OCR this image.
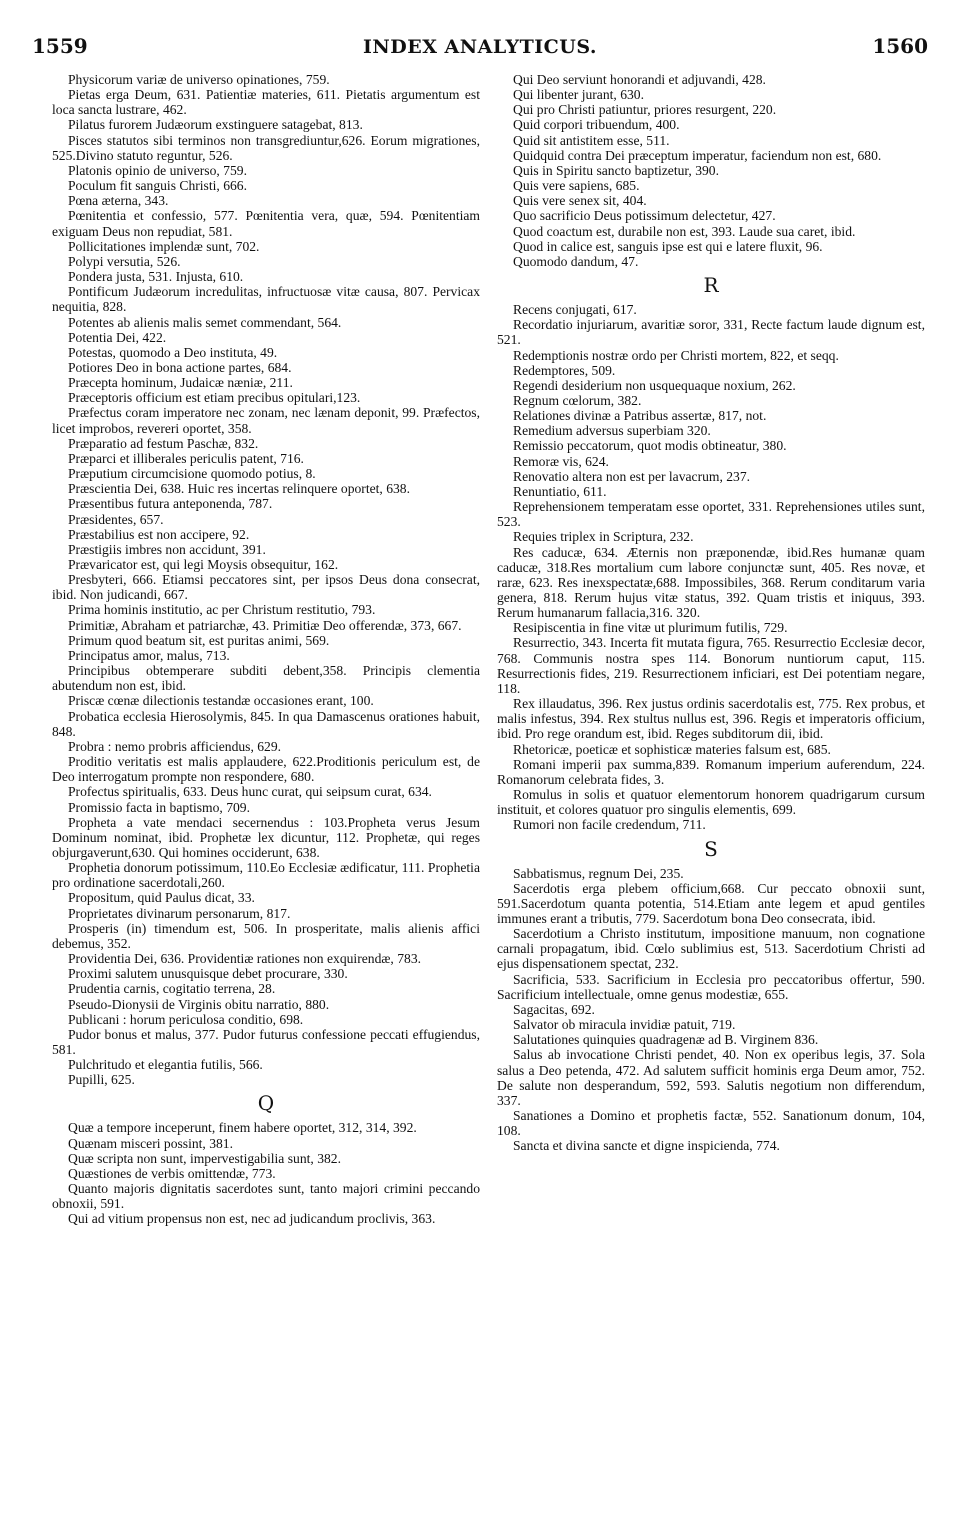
1559	INDEX ANALYTICUS.	1560

Physicorum variæ de universo opinationes, 759.

Pietas erga Deum, 631. Patientiæ materies, 611. Pietatis argumentum est loca sancta lustrare, 462.

Pilatus furorem Judæorum exstinguere satagebat, 813.

Pisces statutos sibi terminos non transgrediuntur,626. Eorum migrationes, 525.Divino statuto reguntur, 526.

Platonis opinio de universo, 759.

Poculum fit sanguis Christi, 666.

Pœna æterna, 343.

Pœnitentia et confessio, 577. Pœnitentia vera, quæ, 594. Pœnitentiam exiguam Deus non repudiat, 581.

Pollicitationes implendæ sunt, 702.

Polypi versutia, 526.

Pondera justa, 531. Injusta, 610.

Pontificum Judæorum incredulitas, infructuosæ vitæ causa, 807. Pervicax nequitia, 828.

Potentes ab alienis malis semet commendant, 564.

Potentia Dei, 422.

Potestas, quomodo a Deo instituta, 49.

Potiores Deo in bona actione partes, 684.

Præcepta hominum, Judaicæ næniæ, 211.

Præceptoris officium est etiam precibus opitulari,123.

Præfectus coram imperatore nec zonam, nec lænam deponit, 99. Præfectos, licet improbos, revereri oportet, 358.

Præparatio ad festum Paschæ, 832.

Præparci et illiberales periculis patent, 716.

Præputium circumcisione quomodo potius, 8.

Præscientia Dei, 638. Huic res incertas relinquere oportet, 638.

Præsentibus futura anteponenda, 787.

Præsidentes, 657.

Præstabilius est non accipere, 92.

Præstigiis imbres non accidunt, 391.

Prævaricator est, qui legi Moysis obsequitur, 162.

Presbyteri, 666. Etiamsi peccatores sint, per ipsos Deus dona consecrat, ibid. Non judicandi, 667.

Prima hominis institutio, ac per Christum restitutio, 793.

Primitiæ, Abraham et patriarchæ, 43. Primitiæ Deo offerendæ, 373, 667.

Primum quod beatum sit, est puritas animi, 569.

Principatus amor, malus, 713.

Principibus obtemperare subditi debent,358. Principis clementia abutendum non est, ibid.

Priscæ cœnæ dilectionis testandæ occasiones erant, 100.

Probatica ecclesia Hierosolymis, 845. In qua Damascenus orationes habuit, 848.

Probra : nemo probris afficiendus, 629.

Proditio veritatis est malis applaudere, 622.Proditionis periculum est, de Deo interrogatum prompte non respondere, 680.

Profectus spiritualis, 633. Deus hunc curat, qui seipsum curat, 634.

Promissio facta in baptismo, 709.

Propheta a vate mendaci secernendus : 103.Propheta verus Jesum Dominum nominat, ibid. Prophetæ lex dicuntur, 112. Prophetæ, qui reges objurgaverunt,630. Qui homines occiderunt, 638.

Prophetia donorum potissimum, 110.Eo Ecclesiæ ædificatur, 111. Prophetia pro ordinatione sacerdotali,260.

Propositum, quid Paulus dicat, 33.

Proprietates divinarum personarum, 817.

Prosperis (in) timendum est, 506. In prosperitate, malis alienis affici debemus, 352.

Providentia Dei, 636. Providentiæ rationes non exquirendæ, 783.

Proximi salutem unusquisque debet procurare, 330.

Prudentia carnis, cogitatio terrena, 28.

Pseudo-Dionysii de Virginis obitu narratio, 880.

Publicani : horum periculosa conditio, 698.

Pudor bonus et malus, 377. Pudor futurus confessione peccati effugiendus, 581.

Pulchritudo et elegantia futilis, 566.

Pupilli, 625.

Q

Quæ a tempore inceperunt, finem habere oportet, 312, 314, 392.

Quænam misceri possint, 381.

Quæ scripta non sunt, impervestigabilia sunt, 382.

Quæstiones de verbis omittendæ, 773.

Quanto majoris dignitatis sacerdotes sunt, tanto majori crimini peccando obnoxii, 591.

Qui ad vitium propensus non est, nec ad judicandum proclivis, 363.

Qui Deo serviunt honorandi et adjuvandi, 428.

Qui libenter jurant, 630.

Qui pro Christi patiuntur, priores resurgent, 220.

Quid corpori tribuendum, 400.

Quid sit antistitem esse, 511.

Quidquid contra Dei præceptum imperatur, faciendum non est, 680.

Quis in Spiritu sancto baptizetur, 390.

Quis vere sapiens, 685.

Quis vere senex sit, 404.

Quo sacrificio Deus potissimum delectetur, 427.

Quod coactum est, durabile non est, 393. Laude sua caret, ibid.

Quod in calice est, sanguis ipse est qui e latere fluxit, 96.

Quomodo dandum, 47.

R

Recens conjugati, 617.

Recordatio injuriarum, avaritiæ soror, 331, Recte factum laude dignum est, 521.

Redemptionis nostræ ordo per Christi mortem, 822, et seqq.

Redemptores, 509.

Regendi desiderium non usquequaque noxium, 262.

Regnum cœlorum, 382.

Relationes divinæ a Patribus assertæ, 817, not.

Remedium adversus superbiam 320.

Remissio peccatorum, quot modis obtineatur, 380.

Remoræ vis, 624.

Renovatio altera non est per lavacrum, 237.

Renuntiatio, 611.

Reprehensionem temperatam esse oportet, 331. Reprehensiones utiles sunt, 523.

Requies triplex in Scriptura, 232.

Res caducæ, 634. Æternis non præponendæ, ibid.Res humanæ quam caducæ, 318.Res mortalium cum labore conjunctæ sunt, 405. Res novæ, et raræ, 623. Res inexspectatæ,688. Impossibiles, 368. Rerum conditarum varia genera, 818. Rerum hujus vitæ status, 392. Quam tristis et iniquus, 393. Rerum humanarum fallacia,316. 320.

Resipiscentia in fine vitæ ut plurimum futilis, 729.

Resurrectio, 343. Incerta fit mutata figura, 765. Resurrectio Ecclesiæ decor, 768. Communis nostra spes 114. Bonorum nuntiorum caput, 115. Resurrectionis fides, 219. Resurrectionem inficiari, est Dei potentiam negare, 118.

Rex illaudatus, 396. Rex justus ordinis sacerdotalis est, 775. Rex probus, et malis infestus, 394. Rex stultus nullus est, 396. Regis et imperatoris officium, ibid. Pro rege orandum est, ibid. Reges subditorum dii, ibid.

Rhetoricæ, poeticæ et sophisticæ materies falsum est, 685.

Romani imperii pax summa,839. Romanum imperium auferendum, 224. Romanorum celebrata fides, 3.

Romulus in solis et quatuor elementorum honorem quadrigarum cursum instituit, et colores quatuor pro singulis elementis, 699.

Rumori non facile credendum, 711.

S

Sabbatismus, regnum Dei, 235.

Sacerdotis erga plebem officium,668. Cur peccato obnoxii sunt, 591.Sacerdotum quanta potentia, 514.Etiam ante legem et apud gentiles immunes erant a tributis, 779. Sacerdotum bona Deo consecrata, ibid.

Sacerdotium a Christo institutum, impositione manuum, non cognatione carnali propagatum, ibid. Cœlo sublimius est, 513. Sacerdotium Christi ad ejus dispensationem spectat, 232.

Sacrificia, 533. Sacrificium in Ecclesia pro peccatoribus offertur, 590. Sacrificium intellectuale, omne genus modestiæ, 655.

Sagacitas, 692.

Salvator ob miracula invidiæ patuit, 719.

Salutationes quinquies quadragenæ ad B. Virginem 836.

Salus ab invocatione Christi pendet, 40. Non ex operibus legis, 37. Sola salus a Deo petenda, 472. Ad salutem sufficit hominis erga Deum amor, 752. De salute non desperandum, 592, 593. Salutis negotium non differendum, 337.

Sanationes a Domino et prophetis factæ, 552. Sanationum donum, 104, 108.

Sancta et divina sancte et digne inspicienda, 774.
